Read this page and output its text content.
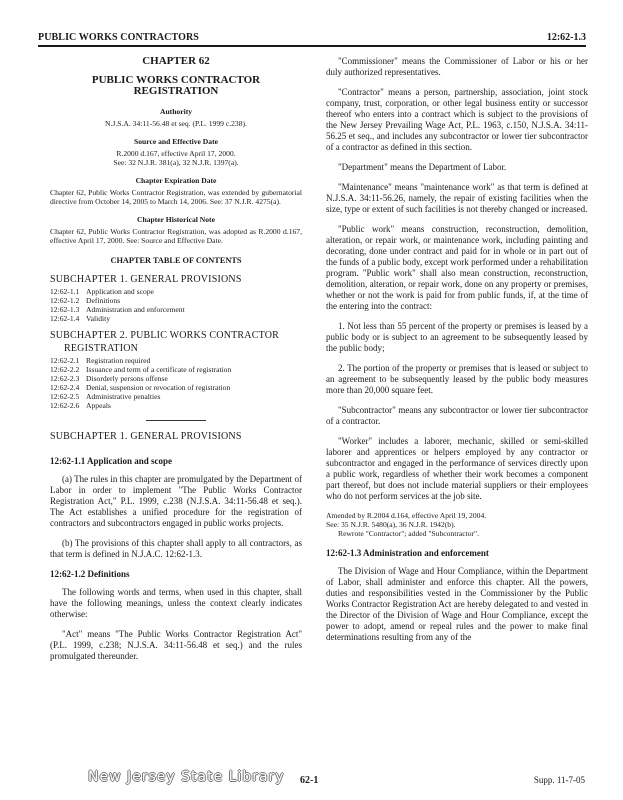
PUBLIC WORKS CONTRACTORS	12:62-1.3
CHAPTER 62
PUBLIC WORKS CONTRACTOR REGISTRATION
Authority
N.J.S.A. 34:11-56.48 et seq. (P.L. 1999 c.238).
Source and Effective Date
R.2000 d.167, effective April 17, 2000.
See: 32 N.J.R. 381(a), 32 N.J.R. 1397(a).
Chapter Expiration Date
Chapter 62, Public Works Contractor Registration, was extended by gubernatorial directive from October 14, 2005 to March 14, 2006. See: 37 N.J.R. 4275(a).
Chapter Historical Note
Chapter 62, Public Works Contractor Registration, was adopted as R.2000 d.167, effective April 17, 2000. See: Source and Effective Date.
CHAPTER TABLE OF CONTENTS
SUBCHAPTER 1. GENERAL PROVISIONS
12:62-1.1 Application and scope
12:62-1.2 Definitions
12:62-1.3 Administration and enforcement
12:62-1.4 Validity
SUBCHAPTER 2. PUBLIC WORKS CONTRACTOR
REGISTRATION
12:62-2.1 Registration required
12:62-2.2 Issuance and term of a certificate of registration
12:62-2.3 Disorderly persons offense
12:62-2.4 Denial, suspension or revocation of registration
12:62-2.5 Administrative penalties
12:62-2.6 Appeals
SUBCHAPTER 1. GENERAL PROVISIONS
12:62-1.1 Application and scope
(a) The rules in this chapter are promulgated by the Department of Labor in order to implement "The Public Works Contractor Registration Act," P.L. 1999, c.238 (N.J.S.A. 34:11-56.48 et seq.). The Act establishes a unified procedure for the registration of contractors and subcontractors engaged in public works projects.
(b) The provisions of this chapter shall apply to all contractors, as that term is defined in N.J.A.C. 12:62-1.3.
12:62-1.2 Definitions
The following words and terms, when used in this chapter, shall have the following meanings, unless the context clearly indicates otherwise:
"Act" means "The Public Works Contractor Registration Act" (P.L. 1999, c.238; N.J.S.A. 34:11-56.48 et seq.) and the rules promulgated thereunder.
"Commissioner" means the Commissioner of Labor or his or her duly authorized representatives.
"Contractor" means a person, partnership, association, joint stock company, trust, corporation, or other legal business entity or successor thereof who enters into a contract which is subject to the provisions of the New Jersey Prevailing Wage Act, P.L. 1963, c.150, N.J.S.A. 34:11-56.25 et seq., and includes any subcontractor or lower tier subcontractor of a contractor as defined in this section.
"Department" means the Department of Labor.
"Maintenance" means "maintenance work" as that term is defined at N.J.S.A. 34:11-56.26, namely, the repair of existing facilities when the size, type or extent of such facilities is not thereby changed or increased.
"Public work" means construction, reconstruction, demolition, alteration, or repair work, or maintenance work, including painting and decorating, done under contract and paid for in whole or in part out of the funds of a public body, except work performed under a rehabilitation program. "Public work" shall also mean construction, reconstruction, demolition, alteration, or repair work, done on any property or premises, whether or not the work is paid for from public funds, if, at the time of the entering into the contract:
1. Not less than 55 percent of the property or premises is leased by a public body or is subject to an agreement to be subsequently leased by the public body;
2. The portion of the property or premises that is leased or subject to an agreement to be subsequently leased by the public body measures more than 20,000 square feet.
"Subcontractor" means any subcontractor or lower tier subcontractor of a contractor.
"Worker" includes a laborer, mechanic, skilled or semi-skilled laborer and apprentices or helpers employed by any contractor or subcontractor and engaged in the performance of services directly upon a public work, regardless of whether their work becomes a component part thereof, but does not include material suppliers or their employees who do not perform services at the job site.
Amended by R.2004 d.164, effective April 19, 2004.
See: 35 N.J.R. 5480(a), 36 N.J.R. 1942(b).
Rewrote "Contractor"; added "Subcontractor".
12:62-1.3 Administration and enforcement
The Division of Wage and Hour Compliance, within the Department of Labor, shall administer and enforce this chapter. All the powers, duties and responsibilities vested in the Commissioner by the Public Works Contractor Registration Act are hereby delegated to and vested in the Director of the Division of Wage and Hour Compliance, except the power to adopt, amend or repeal rules and the power to make final determinations resulting from any of the
New Jersey State Library 62-1	Supp. 11-7-05
